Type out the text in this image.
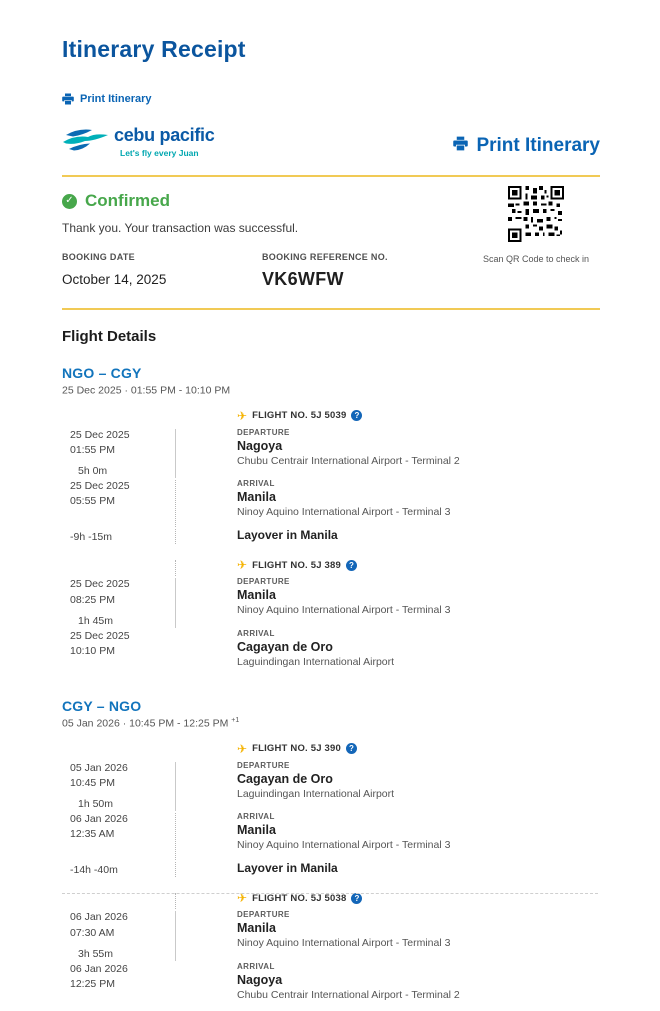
Itinerary Receipt
Print Itinerary
cebu pacific
Let's fly every Juan	Print Itinerary
✓ Confirmed
Thank you. Your transaction was successful.
BOOKING DATE
October 14, 2025
BOOKING REFERENCE NO.
VK6WFW
Scan QR Code to check in
Flight Details
NGO – CGY
25 Dec 2025 · 01:55 PM - 10:10 PM
✈ FLIGHT NO. 5J 5039	?
25 Dec 2025
01:55 PM
5h 0m
DEPARTURE
Nagoya
Chubu Centrair International Airport - Terminal 2
25 Dec 2025
05:55 PM
ARRIVAL
Manila
Ninoy Aquino International Airport - Terminal 3
-9h -15m	Layover in Manila
✈ FLIGHT NO. 5J 389	?
25 Dec 2025
08:25 PM
1h 45m
DEPARTURE
Manila
Ninoy Aquino International Airport - Terminal 3
25 Dec 2025
10:10 PM
ARRIVAL
Cagayan de Oro
Laguindingan International Airport
CGY – NGO
05 Jan 2026 · 10:45 PM - 12:25 PM $^{+1}$
✈ FLIGHT NO. 5J 390	?
05 Jan 2026
10:45 PM
1h 50m
DEPARTURE
Cagayan de Oro
Laguindingan International Airport
06 Jan 2026
12:35 AM
ARRIVAL
Manila
Ninoy Aquino International Airport - Terminal 3
-14h -40m	Layover in Manila
✈ FLIGHT NO. 5J 5038	?
06 Jan 2026
07:30 AM
3h 55m
DEPARTURE
Manila
Ninoy Aquino International Airport - Terminal 3
06 Jan 2026
12:25 PM
ARRIVAL
Nagoya
Chubu Centrair International Airport - Terminal 2
